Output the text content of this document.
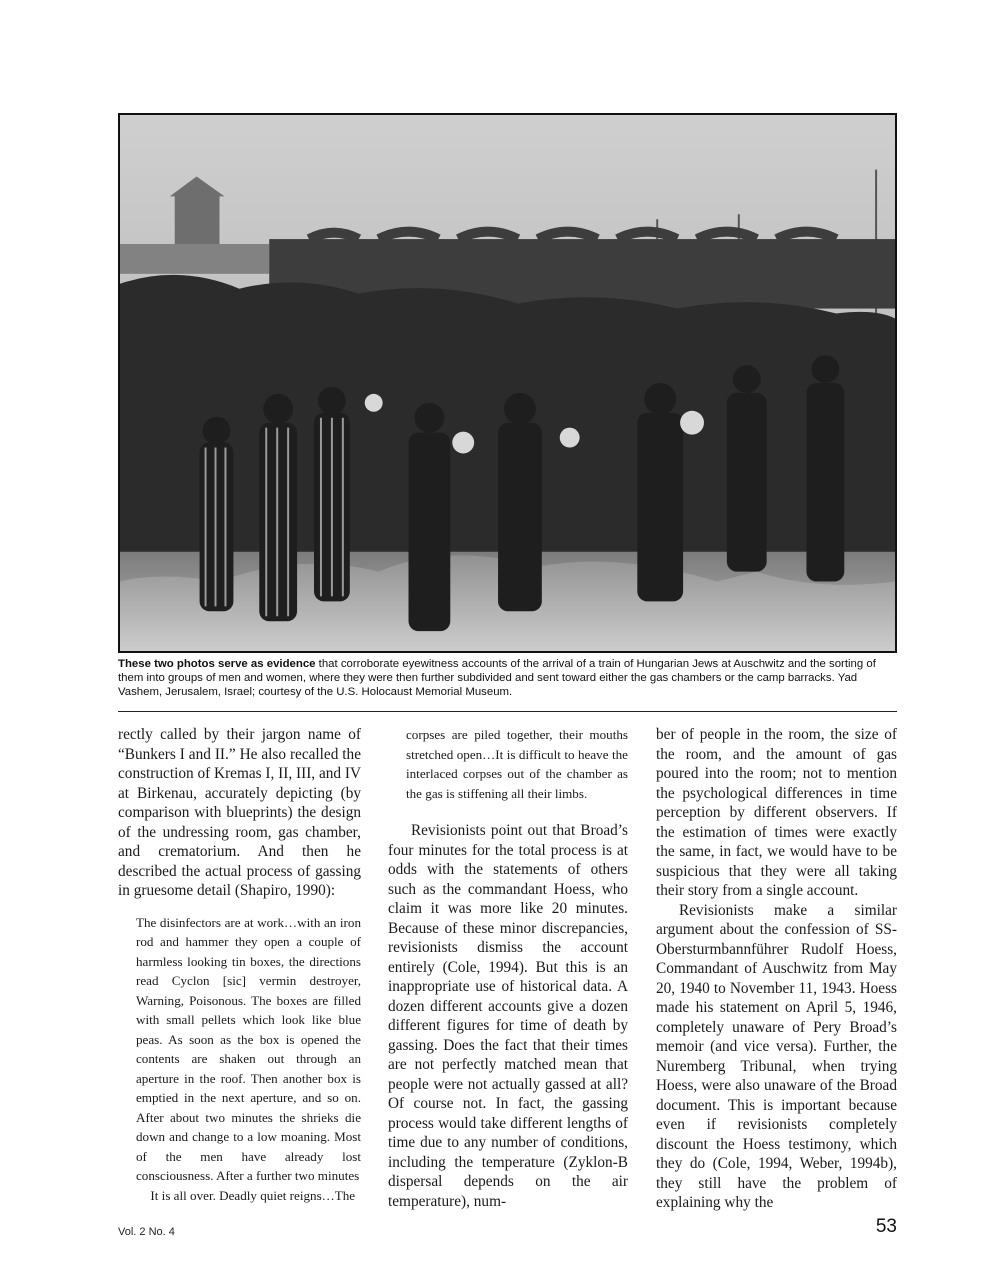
These two photos serve as evidence that corroborate eyewitness accounts of the arrival of a train of Hungarian Jews at Auschwitz and the sorting of them into groups of men and women, where they were then further subdivided and sent toward either the gas chambers or the camp barracks. Yad Vashem, Jerusalem, Israel; courtesy of the U.S. Holocaust Memorial Museum.

rectly called by their jargon name of “Bunkers I and II.” He also recalled the construction of Kremas I, II, III, and IV at Birkenau, accurately depicting (by comparison with blueprints) the design of the undressing room, gas chamber, and crematorium. And then he described the actual process of gassing in gruesome detail (Shapiro, 1990):

The disinfectors are at work…with an iron rod and hammer they open a couple of harmless looking tin boxes, the directions read Cyclon [sic] vermin destroyer, Warning, Poisonous. The boxes are filled with small pellets which look like blue peas. As soon as the box is opened the contents are shaken out through an aperture in the roof. Then another box is emptied in the next aperture, and so on. After about two minutes the shrieks die down and change to a low moaning. Most of the men have already lost consciousness. After a further two minutes

It is all over. Deadly quiet reigns…The

corpses are piled together, their mouths stretched open…It is difficult to heave the interlaced corpses out of the chamber as the gas is stiffening all their limbs.

Revisionists point out that Broad’s four minutes for the total process is at odds with the statements of others such as the commandant Hoess, who claim it was more like 20 minutes. Because of these minor discrepancies, revisionists dismiss the account entirely (Cole, 1994). But this is an inappropriate use of historical data. A dozen different accounts give a dozen different figures for time of death by gassing. Does the fact that their times are not perfectly matched mean that people were not actually gassed at all? Of course not. In fact, the gassing process would take different lengths of time due to any number of conditions, including the temperature (Zyklon-B dispersal depends on the air temperature), num-

ber of people in the room, the size of the room, and the amount of gas poured into the room; not to mention the psychological differences in time perception by different observers. If the estimation of times were exactly the same, in fact, we would have to be suspicious that they were all taking their story from a single account.

Revisionists make a similar argument about the confession of SS-Obersturmbannführer Rudolf Hoess, Commandant of Auschwitz from May 20, 1940 to November 11, 1943. Hoess made his statement on April 5, 1946, completely unaware of Pery Broad’s memoir (and vice versa). Further, the Nuremberg Tribunal, when trying Hoess, were also unaware of the Broad document. This is important because even if revisionists completely discount the Hoess testimony, which they do (Cole, 1994, Weber, 1994b), they still have the problem of explaining why the

Vol. 2 No. 4	53
